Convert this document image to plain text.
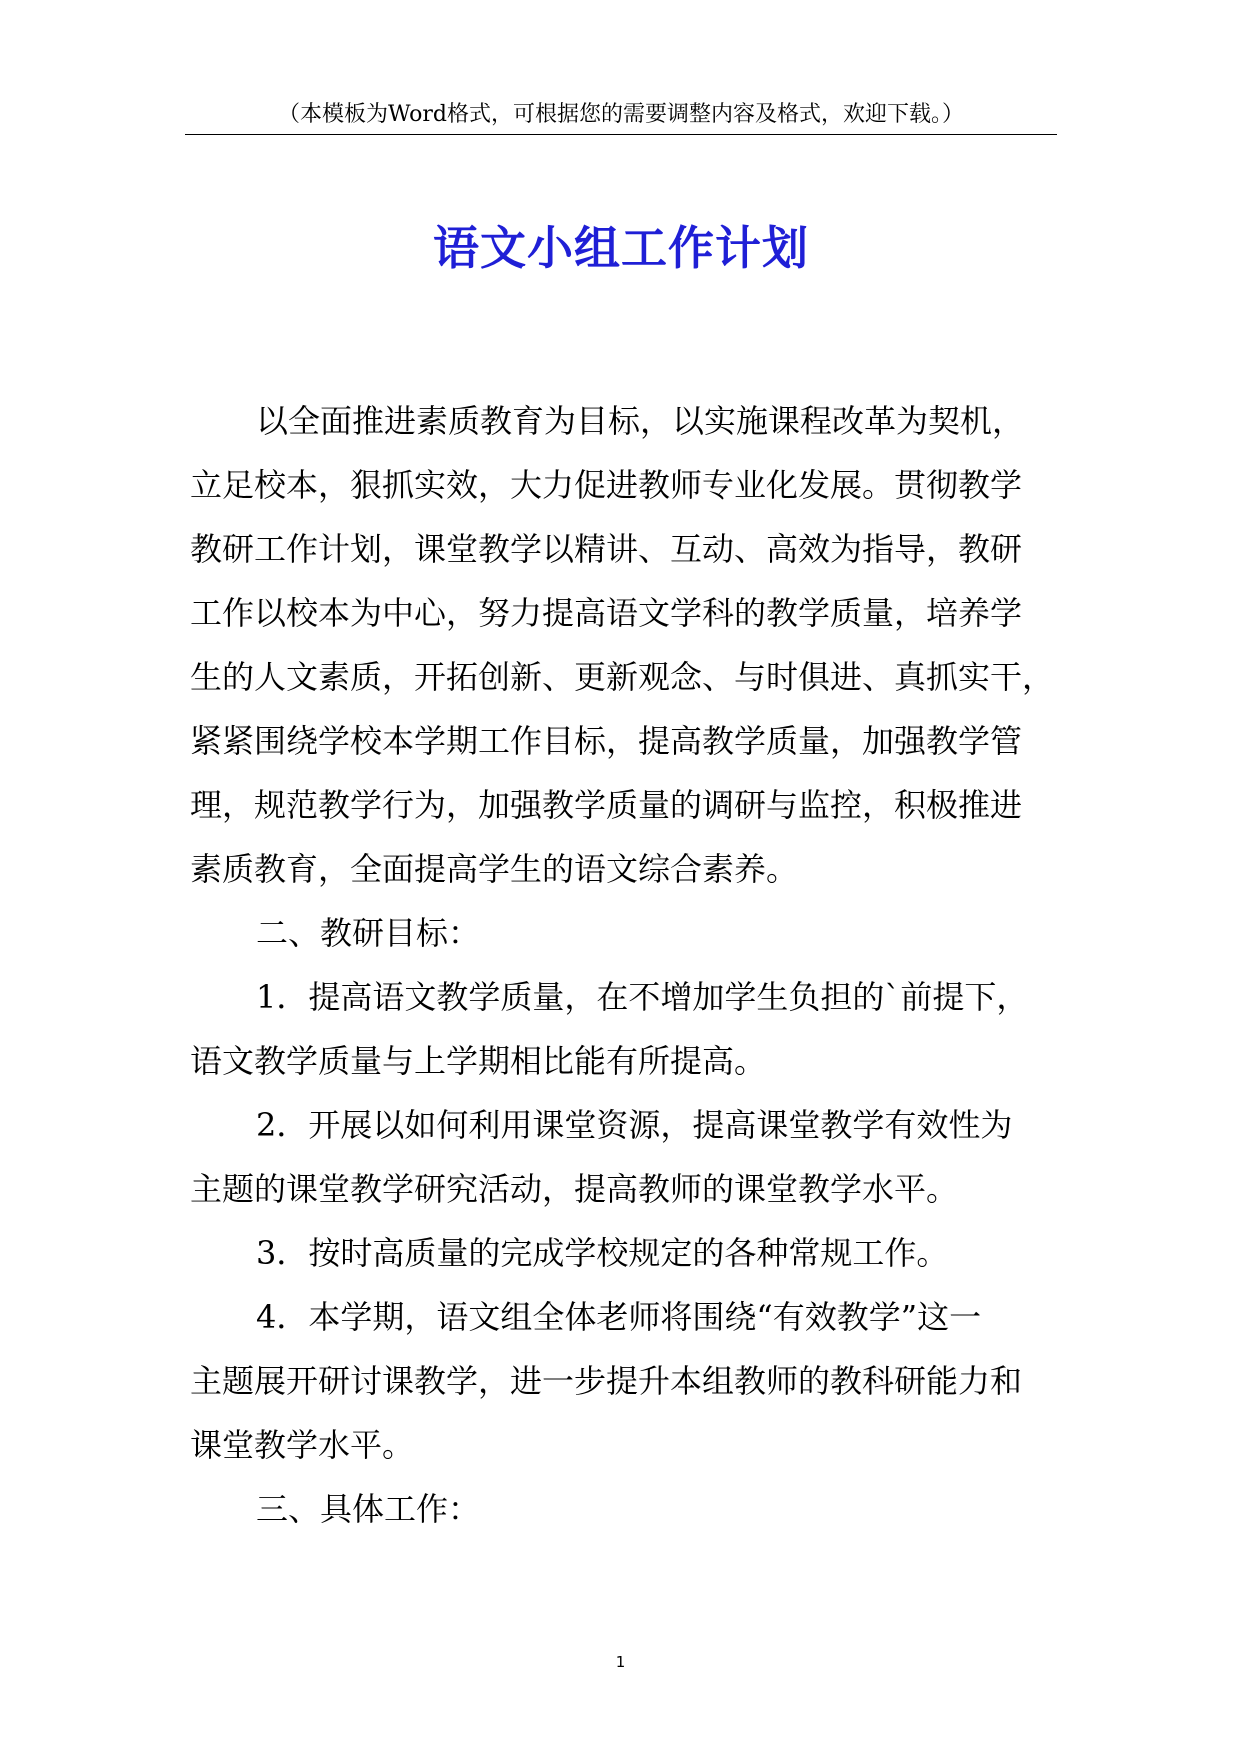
（本模板为Word格式，可根据您的需要调整内容及格式，欢迎下载。）
语文小组工作计划

以全面推进素质教育为目标，以实施课程改革为契机，
立足校本，狠抓实效，大力促进教师专业化发展。贯彻教学
教研工作计划，课堂教学以精讲、互动、高效为指导，教研
工作以校本为中心，努力提高语文学科的教学质量，培养学
生的人文素质，开拓创新、更新观念、与时俱进、真抓实干，
紧紧围绕学校本学期工作目标，提高教学质量，加强教学管
理，规范教学行为，加强教学质量的调研与监控，积极推进
素质教育，全面提高学生的语文综合素养。

二、教研目标：

1．提高语文教学质量，在不增加学生负担的`前提下，
语文教学质量与上学期相比能有所提高。

2．开展以如何利用课堂资源，提高课堂教学有效性为
主题的课堂教学研究活动，提高教师的课堂教学水平。

3．按时高质量的完成学校规定的各种常规工作。

4．本学期，语文组全体老师将围绕“有效教学”这一
主题展开研讨课教学，进一步提升本组教师的教科研能力和
课堂教学水平。

三、具体工作：

1
